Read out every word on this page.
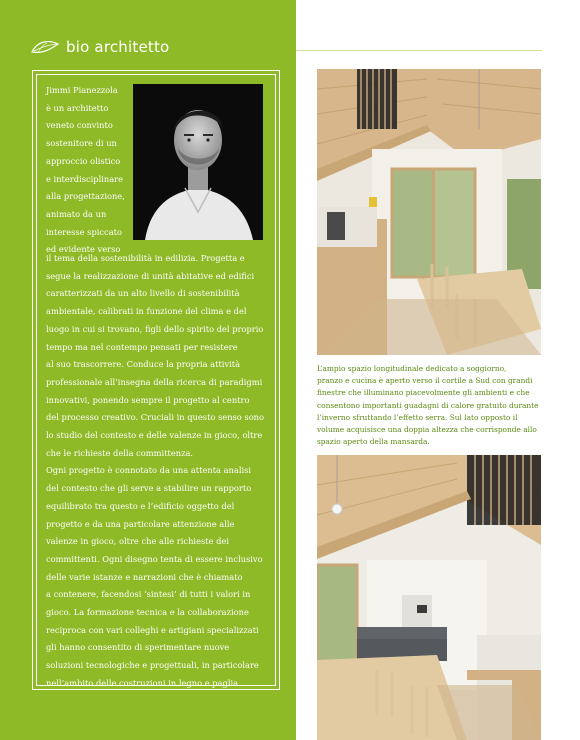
bio architetto
Jimmi Pianezzola
è un architetto
veneto convinto
sostenitore di un
approccio olistico
e interdisciplinare
alla progettazione,
animato da un
interesse spiccato
ed evidente verso
il tema della sostenibilità in edilizia. Progetta e
segue la realizzazione di unità abitative ed edifici
caratterizzati da un alto livello di sostenibilità
ambientale, calibrati in funzione del clima e del
luogo in cui si trovano, figli dello spirito del proprio
tempo ma nel contempo pensati per resistere
al suo trascorrere. Conduce la propria attività
professionale all’insegna della ricerca di paradigmi
innovativi, ponendo sempre il progetto al centro
del processo creativo. Cruciali in questo senso sono
lo studio del contesto e delle valenze in gioco, oltre
che le richieste della committenza.
Ogni progetto è connotato da una attenta analisi
del contesto che gli serve a stabilire un rapporto
equilibrato tra questo e l’edificio oggetto del
progetto e da una particolare attenzione alle
valenze in gioco, oltre che alle richieste dei
committenti. Ogni disegno tenta di essere inclusivo
delle varie istanze e narrazioni che è chiamato
a contenere, facendosi ‘sintesi’ di tutti i valori in
gioco. La formazione tecnica e la collaborazione
reciproca con vari colleghi e artigiani specializzati
gli hanno consentito di sperimentare nuove
soluzioni tecnologiche e progettuali, in particolare
nell’ambito delle costruzioni in legno e paglia.
L’ampio spazio longitudinale dedicato a soggiorno,
pranzo e cucina è aperto verso il cortile a Sud con grandi
finestre che illuminano piacevolmente gli ambienti e che
consentono importanti guadagni di calore gratuito durante
l’inverno sfruttando l’effetto serra. Sul lato opposto il
volume acquisisce una doppia altezza che corrisponde allo
spazio aperto della mansarda.
